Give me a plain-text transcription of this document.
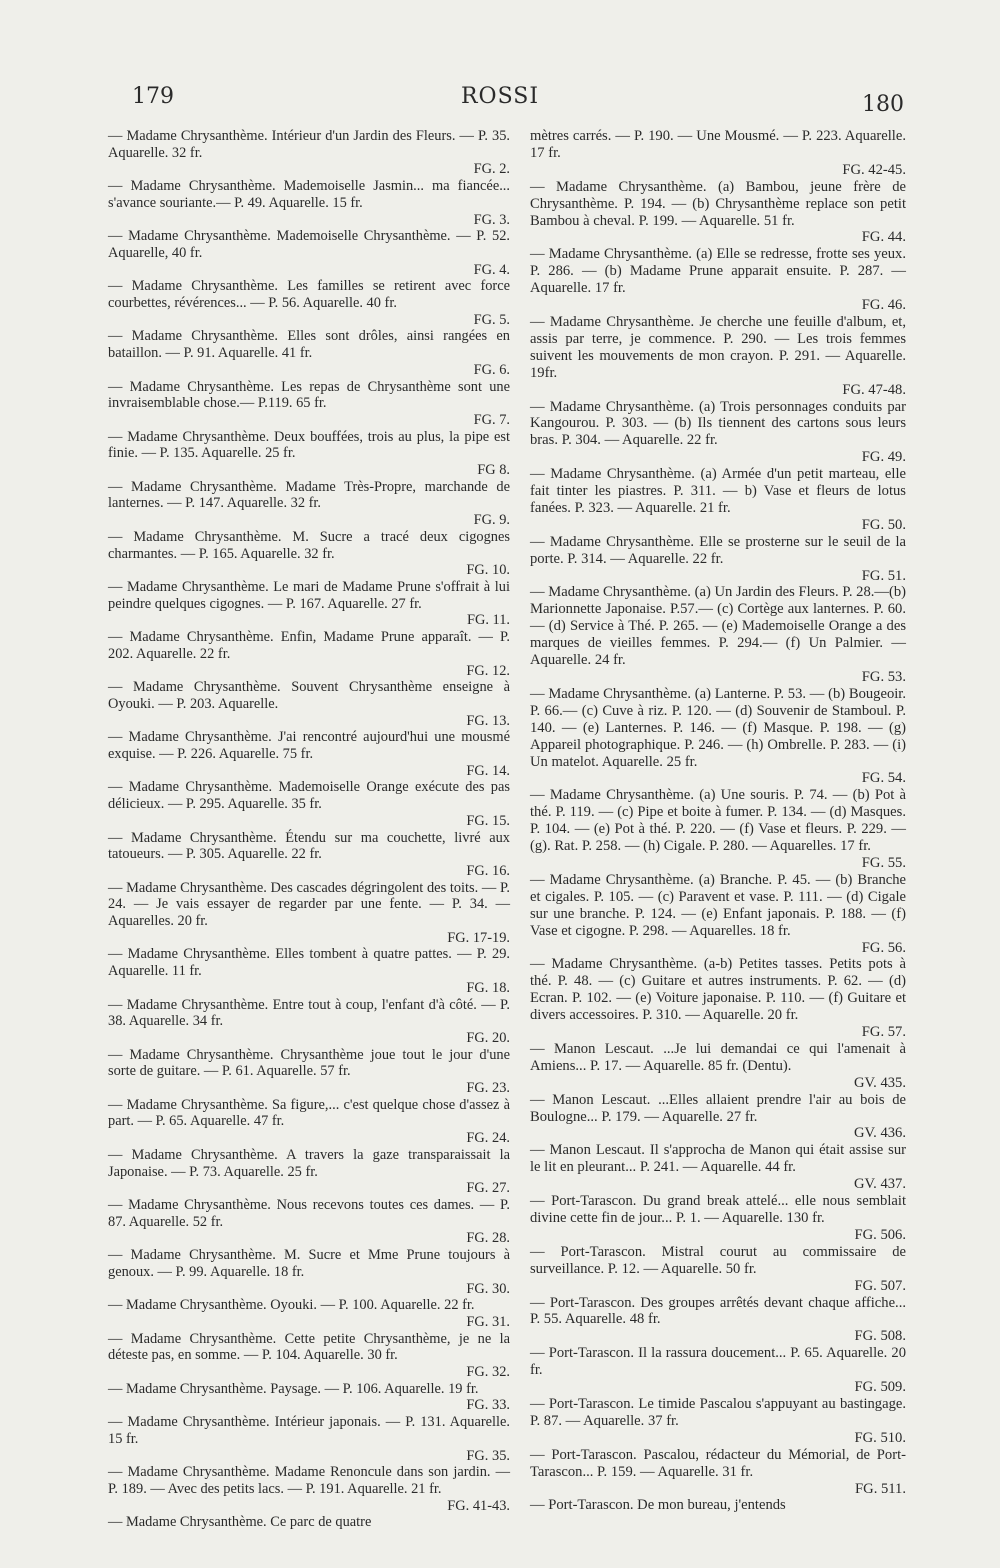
179	ROSSI	180
— Madame Chrysanthème. Intérieur d'un Jardin des Fleurs. — P. 35. Aquarelle. 32 fr.
FG. 2.
— Madame Chrysanthème. Mademoiselle Jasmin... ma fiancée... s'avance souriante.— P. 49. Aquarelle. 15 fr.
FG. 3.
— Madame Chrysanthème. Mademoiselle Chrysanthème. — P. 52. Aquarelle, 40 fr.
FG. 4.
— Madame Chrysanthème. Les familles se retirent avec force courbettes, révérences... — P. 56. Aquarelle. 40 fr.
FG. 5.
— Madame Chrysanthème. Elles sont drôles, ainsi rangées en bataillon. — P. 91. Aquarelle. 41 fr.
FG. 6.
— Madame Chrysanthème. Les repas de Chrysanthème sont une invraisemblable chose.— P.119. 65 fr.
FG. 7.
— Madame Chrysanthème. Deux bouffées, trois au plus, la pipe est finie. — P. 135. Aquarelle. 25 fr.
FG 8.
— Madame Chrysanthème. Madame Très-Propre, marchande de lanternes. — P. 147. Aquarelle. 32 fr.
FG. 9.
— Madame Chrysanthème. M. Sucre a tracé deux cigognes charmantes. — P. 165. Aquarelle. 32 fr.
FG. 10.
— Madame Chrysanthème. Le mari de Madame Prune s'offrait à lui peindre quelques cigognes. — P. 167. Aquarelle. 27 fr.
FG. 11.
— Madame Chrysanthème. Enfin, Madame Prune apparaît. — P. 202. Aquarelle. 22 fr.
FG. 12.
— Madame Chrysanthème. Souvent Chrysanthème enseigne à Oyouki. — P. 203. Aquarelle.
FG. 13.
— Madame Chrysanthème. J'ai rencontré aujourd'hui une mousmé exquise. — P. 226. Aquarelle. 75 fr.
FG. 14.
— Madame Chrysanthème. Mademoiselle Orange exécute des pas délicieux. — P. 295. Aquarelle. 35 fr.
FG. 15.
— Madame Chrysanthème. Étendu sur ma couchette, livré aux tatoueurs. — P. 305. Aquarelle. 22 fr.
FG. 16.
— Madame Chrysanthème. Des cascades dégringolent des toits. — P. 24. — Je vais essayer de regarder par une fente. — P. 34. — Aquarelles. 20 fr.
FG. 17-19.
— Madame Chrysanthème. Elles tombent à quatre pattes. — P. 29. Aquarelle. 11 fr.
FG. 18.
— Madame Chrysanthème. Entre tout à coup, l'enfant d'à côté. — P. 38. Aquarelle. 34 fr.
FG. 20.
— Madame Chrysanthème. Chrysanthème joue tout le jour d'une sorte de guitare. — P. 61. Aquarelle. 57 fr.
FG. 23.
— Madame Chrysanthème. Sa figure,... c'est quelque chose d'assez à part. — P. 65. Aquarelle. 47 fr.
FG. 24.
— Madame Chrysanthème. A travers la gaze transparaissait la Japonaise. — P. 73. Aquarelle. 25 fr.
FG. 27.
— Madame Chrysanthème. Nous recevons toutes ces dames. — P. 87. Aquarelle. 52 fr.
FG. 28.
— Madame Chrysanthème. M. Sucre et Mme Prune toujours à genoux. — P. 99. Aquarelle. 18 fr.
FG. 30.
— Madame Chrysanthème. Oyouki. — P. 100. Aquarelle. 22 fr.
FG. 31.
— Madame Chrysanthème. Cette petite Chrysanthème, je ne la déteste pas, en somme. — P. 104. Aquarelle. 30 fr.
FG. 32.
— Madame Chrysanthème. Paysage. — P. 106. Aquarelle. 19 fr.
FG. 33.
— Madame Chrysanthème. Intérieur japonais. — P. 131. Aquarelle. 15 fr.
FG. 35.
— Madame Chrysanthème. Madame Renoncule dans son jardin. — P. 189. — Avec des petits lacs. — P. 191. Aquarelle. 21 fr.
FG. 41-43.
— Madame Chrysanthème. Ce parc de quatre
mètres carrés. — P. 190. — Une Mousmé. — P. 223. Aquarelle. 17 fr.
FG. 42-45.
— Madame Chrysanthème. (a) Bambou, jeune frère de Chrysanthème. P. 194. — (b) Chrysanthème replace son petit Bambou à cheval. P. 199. — Aquarelle. 51 fr.
FG. 44.
— Madame Chrysanthème. (a) Elle se redresse, frotte ses yeux. P. 286. — (b) Madame Prune apparait ensuite. P. 287. — Aquarelle. 17 fr.
FG. 46.
— Madame Chrysanthème. Je cherche une feuille d'album, et, assis par terre, je commence. P. 290. — Les trois femmes suivent les mouvements de mon crayon. P. 291. — Aquarelle. 19fr.
FG. 47-48.
— Madame Chrysanthème. (a) Trois personnages conduits par Kangourou. P. 303. — (b) Ils tiennent des cartons sous leurs bras. P. 304. — Aquarelle. 22 fr.
FG. 49.
— Madame Chrysanthème. (a) Armée d'un petit marteau, elle fait tinter les piastres. P. 311. — b) Vase et fleurs de lotus fanées. P. 323. — Aquarelle. 21 fr.
FG. 50.
— Madame Chrysanthème. Elle se prosterne sur le seuil de la porte. P. 314. — Aquarelle. 22 fr.
FG. 51.
— Madame Chrysanthème. (a) Un Jardin des Fleurs. P. 28.—(b) Marionnette Japonaise. P.57.— (c) Cortège aux lanternes. P. 60. — (d) Service à Thé. P. 265. — (e) Mademoiselle Orange a des marques de vieilles femmes. P. 294.— (f) Un Palmier. — Aquarelle. 24 fr.
FG. 53.
— Madame Chrysanthème. (a) Lanterne. P. 53. — (b) Bougeoir. P. 66.— (c) Cuve à riz. P. 120. — (d) Souvenir de Stamboul. P. 140. — (e) Lanternes. P. 146. — (f) Masque. P. 198. — (g) Appareil photographique. P. 246. — (h) Ombrelle. P. 283. — (i) Un matelot. Aquarelle. 25 fr.
FG. 54.
— Madame Chrysanthème. (a) Une souris. P. 74. — (b) Pot à thé. P. 119. — (c) Pipe et boite à fumer. P. 134. — (d) Masques. P. 104. — (e) Pot à thé. P. 220. — (f) Vase et fleurs. P. 229. — (g). Rat. P. 258. — (h) Cigale. P. 280. — Aquarelles. 17 fr.
FG. 55.
— Madame Chrysanthème. (a) Branche. P. 45. — (b) Branche et cigales. P. 105. — (c) Paravent et vase. P. 111. — (d) Cigale sur une branche. P. 124. — (e) Enfant japonais. P. 188. — (f) Vase et cigogne. P. 298. — Aquarelles. 18 fr.
FG. 56.
— Madame Chrysanthème. (a-b) Petites tasses. Petits pots à thé. P. 48. — (c) Guitare et autres instruments. P. 62. — (d) Ecran. P. 102. — (e) Voiture japonaise. P. 110. — (f) Guitare et divers accessoires. P. 310. — Aquarelle. 20 fr.
FG. 57.
— Manon Lescaut. ...Je lui demandai ce qui l'amenait à Amiens... P. 17. — Aquarelle. 85 fr. (Dentu).
GV. 435.
— Manon Lescaut. ...Elles allaient prendre l'air au bois de Boulogne... P. 179. — Aquarelle. 27 fr.
GV. 436.
— Manon Lescaut. Il s'approcha de Manon qui était assise sur le lit en pleurant... P. 241. — Aquarelle. 44 fr.
GV. 437.
— Port-Tarascon. Du grand break attelé... elle nous semblait divine cette fin de jour... P. 1. — Aquarelle. 130 fr.
FG. 506.
— Port-Tarascon. Mistral courut au commissaire de surveillance. P. 12. — Aquarelle. 50 fr.
FG. 507.
— Port-Tarascon. Des groupes arrêtés devant chaque affiche... P. 55. Aquarelle. 48 fr.
FG. 508.
— Port-Tarascon. Il la rassura doucement... P. 65. Aquarelle. 20 fr.
FG. 509.
— Port-Tarascon. Le timide Pascalou s'appuyant au bastingage. P. 87. — Aquarelle. 37 fr.
FG. 510.
— Port-Tarascon. Pascalou, rédacteur du Mémorial, de Port-Tarascon... P. 159. — Aquarelle. 31 fr.
FG. 511.
— Port-Tarascon. De mon bureau, j'entends
